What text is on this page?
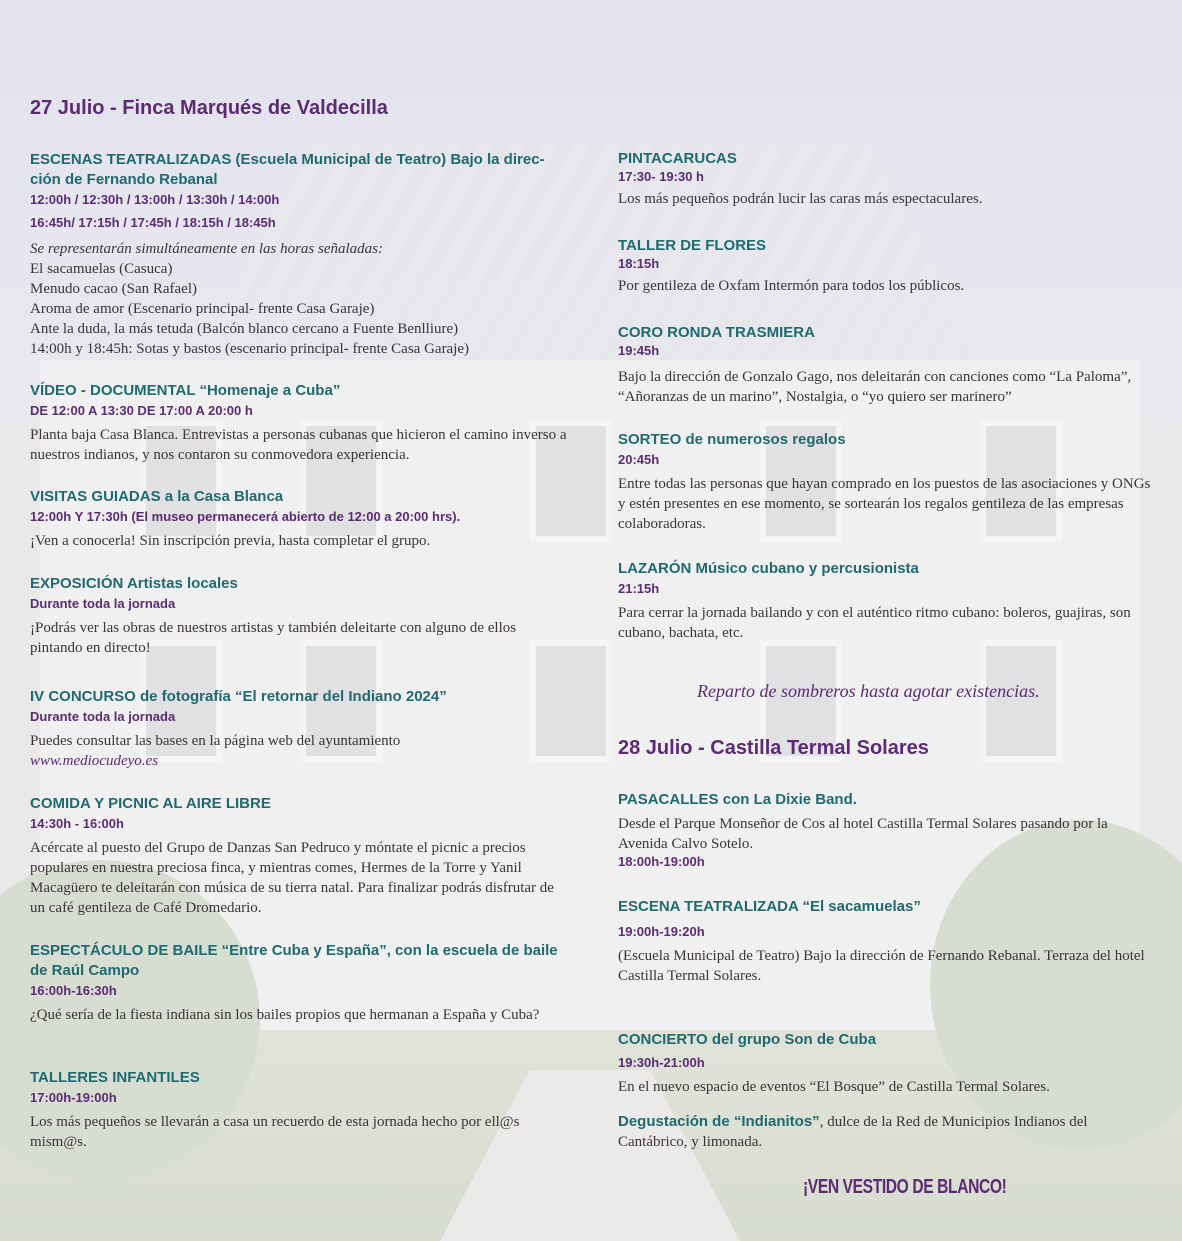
27 Julio - Finca Marqués de Valdecilla
ESCENAS TEATRALIZADAS (Escuela Municipal de Teatro) Bajo la direc-
ción de Fernando Rebanal
12:00h / 12:30h / 13:00h / 13:30h / 14:00h
16:45h/ 17:15h / 17:45h / 18:15h / 18:45h
Se representarán simultáneamente en las horas señaladas:
El sacamuelas (Casuca)
Menudo cacao (San Rafael)
Aroma de amor (Escenario principal- frente Casa Garaje)
Ante la duda, la más tetuda (Balcón blanco cercano a Fuente Benlliure)
14:00h y 18:45h: Sotas y bastos (escenario principal- frente Casa Garaje)
VÍDEO - DOCUMENTAL “Homenaje a Cuba”
DE 12:00 A 13:30 DE 17:00 A 20:00 h
Planta baja Casa Blanca. Entrevistas a personas cubanas que hicieron el camino inverso a nuestros indianos, y nos contaron su conmovedora experiencia.
VISITAS GUIADAS a la Casa Blanca
12:00h Y 17:30h (El museo permanecerá abierto de 12:00 a 20:00 hrs).
¡Ven a conocerla! Sin inscripción previa, hasta completar el grupo.
EXPOSICIÓN Artistas locales
Durante toda la jornada
¡Podrás ver las obras de nuestros artistas y también deleitarte con alguno de ellos pintando en directo!
IV CONCURSO de fotografía “El retornar del Indiano 2024”
Durante toda la jornada
Puedes consultar las bases en la página web del ayuntamiento
www.mediocudeyo.es
COMIDA Y PICNIC AL AIRE LIBRE
14:30h - 16:00h
Acércate al puesto del Grupo de Danzas San Pedruco y móntate el picnic a precios populares en nuestra preciosa finca, y mientras comes, Hermes de la Torre y Yanil Macagüero te deleitarán con música de su tierra natal. Para finalizar podrás disfrutar de un café gentileza de Café Dromedario.
ESPECTÁCULO DE BAILE “Entre Cuba y España”, con la escuela de baile de Raúl Campo
16:00h-16:30h
¿Qué sería de la fiesta indiana sin los bailes propios que hermanan a España y Cuba?
TALLERES INFANTILES
17:00h-19:00h
Los más pequeños se llevarán a casa un recuerdo de esta jornada hecho por ell@s mism@s.
PINTACARUCAS
17:30- 19:30 h
Los más pequeños podrán lucir las caras más espectaculares.
TALLER DE FLORES
18:15h
Por gentileza de Oxfam Intermón para todos los públicos.
CORO RONDA TRASMIERA
19:45h
Bajo la dirección de Gonzalo Gago, nos deleitarán con canciones como “La Paloma”, “Añoranzas de un marino”, Nostalgia, o “yo quiero ser marinero”
SORTEO de numerosos regalos
20:45h
Entre todas las personas que hayan comprado en los puestos de las asociaciones y ONGs y estén presentes en ese momento, se sortearán los regalos gentileza de las empresas colaboradoras.
LAZARÓN Músico cubano y percusionista
21:15h
Para cerrar la jornada bailando y con el auténtico ritmo cubano: boleros, guajiras, son cubano, bachata, etc.
28 Julio - Castilla Termal Solares
PASACALLES con La Dixie Band.
Desde el Parque Monseñor de Cos al hotel Castilla Termal Solares pasando por la Avenida Calvo Sotelo.
18:00h-19:00h
ESCENA TEATRALIZADA “El sacamuelas”
19:00h-19:20h
(Escuela Municipal de Teatro) Bajo la dirección de Fernando Rebanal. Terraza del hotel Castilla Termal Solares.
CONCIERTO del grupo Son de Cuba
19:30h-21:00h
En el nuevo espacio de eventos “El Bosque” de Castilla Termal Solares.
Reparto de sombreros hasta agotar existencias.
Degustación de “Indianitos”, dulce de la Red de Municipios Indianos del Cantábrico, y limonada.
¡VEN VESTIDO DE BLANCO!
